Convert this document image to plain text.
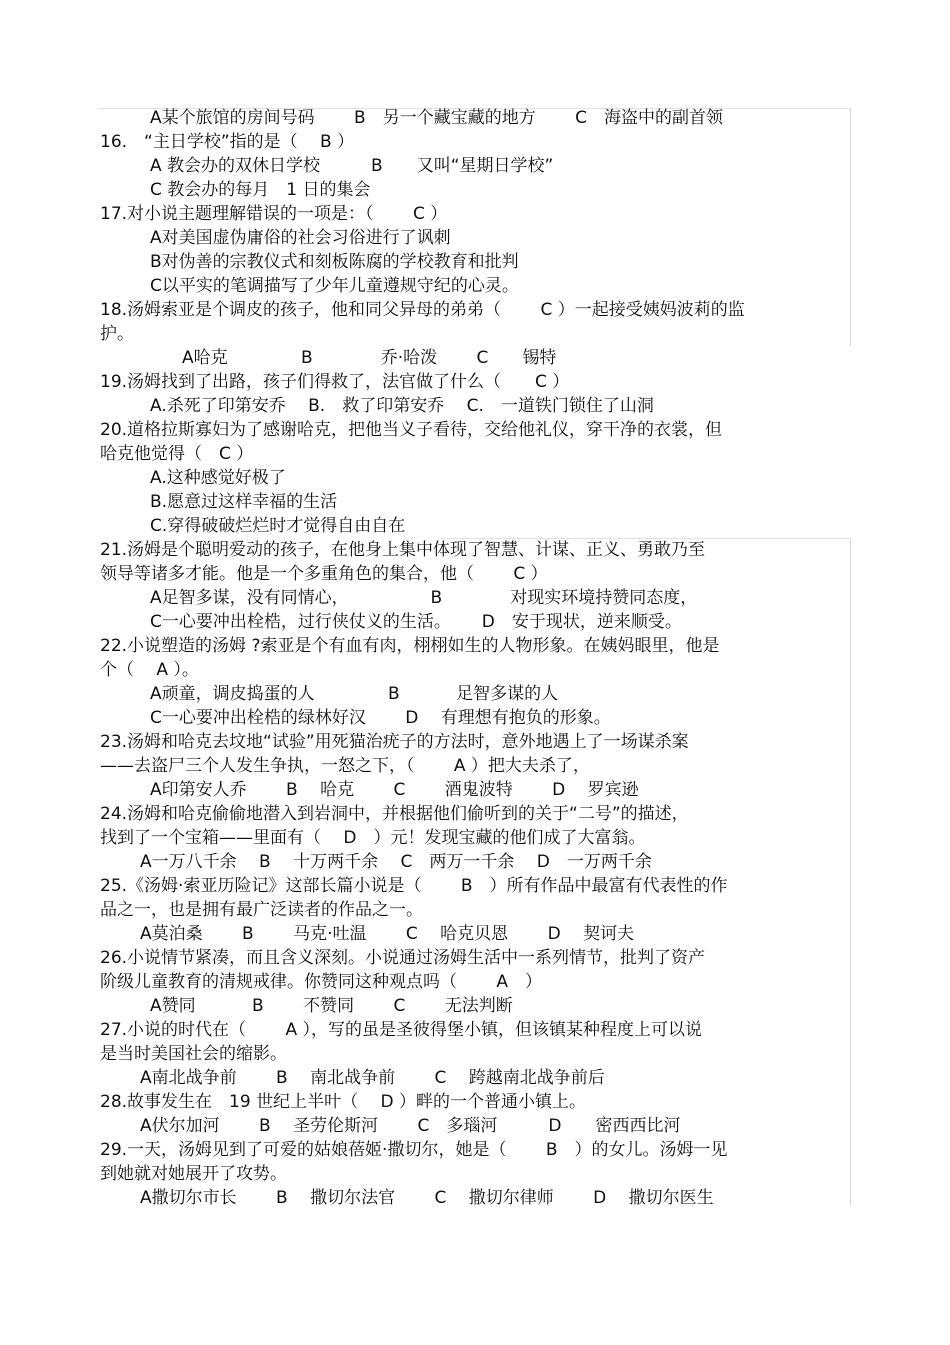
A某个旅馆的房间号码　　 B　另一个藏宝藏的地方　　 C　海盗中的副首领
16.　“主日学校”指的是（　 B ）
A 教会办的双休日学校　　　B　　又叫“星期日学校”
C 教会办的每月　1 日的集会
17.对小说主题理解错误的一项是：（　　 C ）
A对美国虚伪庸俗的社会习俗进行了讽刺
B对伪善的宗教仪式和刻板陈腐的学校教育和批判
C以平实的笔调描写了少年儿童遵规守纪的心灵。
18.汤姆索亚是个调皮的孩子，他和同父异母的弟弟（　　 C ）一起接受姨妈波莉的监
护。
A哈克　　　　 B　　　　乔·哈泼　　 C　　锡特
19.汤姆找到了出路，孩子们得救了，法官做了什么（　　C ）
A.杀死了印第安乔　 B.　救了印第安乔　 C.　一道铁门锁住了山洞
20.道格拉斯寡妇为了感谢哈克，把他当义子看待，交给他礼仪，穿干净的衣裳，但
哈克他觉得（　C ）
A.这种感觉好极了
B.愿意过这样幸福的生活
C.穿得破破烂烂时才觉得自由自在
21.汤姆是个聪明爱动的孩子，在他身上集中体现了智慧、计谋、正义、勇敢乃至
领导等诸多才能。他是一个多重角色的集合，他（　　 C ）
A足智多谋，没有同情心，　　　　　 B　　　　对现实环境持赞同态度，
C一心要冲出栓梏，过行侠仗义的生活。　　 D　安于现状，逆来顺受。
22.小说塑造的汤姆 ?索亚是个有血有肉，栩栩如生的人物形象。在姨妈眼里，他是
个（　 A ）。
A顽童，调皮捣蛋的人　　　　 B　　　 足智多谋的人
C一心要冲出栓梏的绿林好汉　　 D　 有理想有抱负的形象。
23.汤姆和哈克去坟地“试验”用死猫治疣子的方法时，意外地遇上了一场谋杀案
——去盗尸三个人发生争执，一怒之下，（　　 A ）把大夫杀了，
A印第安人乔　　 B　 哈克　　 C　　 酒鬼波特　　 D　 罗宾逊
24.汤姆和哈克偷偷地潜入到岩洞中，并根据他们偷听到的关于“二号”的描述，
找到了一个宝箱——里面有（　 D　）元！发现宝藏的他们成了大富翁。
A一万八千余　 B　 十万两千余　 C　两万一千余　 D　一万两千余
25.《汤姆·索亚历险记》这部长篇小说是（　　 B　）所有作品中最富有代表性的作
品之一，也是拥有最广泛读者的作品之一。
A莫泊桑　　 B　　 马克·吐温　　 C　 哈克贝恩　　 D　 契诃夫
26.小说情节紧凑，而且含义深刻。小说通过汤姆生活中一系列情节，批判了资产
阶级儿童教育的清规戒律。你赞同这种观点吗（　　 A　）
A赞同　　　 B　　 不赞同　　 C　　 无法判断
27.小说的时代在（　　 A ），写的虽是圣彼得堡小镇，但该镇某种程度上可以说
是当时美国社会的缩影。
A南北战争前　　 B　 南北战争前　　 C　 跨越南北战争前后
28.故事发生在　19 世纪上半叶（　 D ）畔的一个普通小镇上。
A伏尔加河　　 B　 圣劳伦斯河　　 C　多瑙河　　　D　　密西西比河
29.一天，汤姆见到了可爱的姑娘蓓姬·撒切尔，她是（　　 B　）的女儿。汤姆一见
到她就对她展开了攻势。
A撒切尔市长　　 B　 撒切尔法官　　 C　 撒切尔律师　　 D　 撒切尔医生
